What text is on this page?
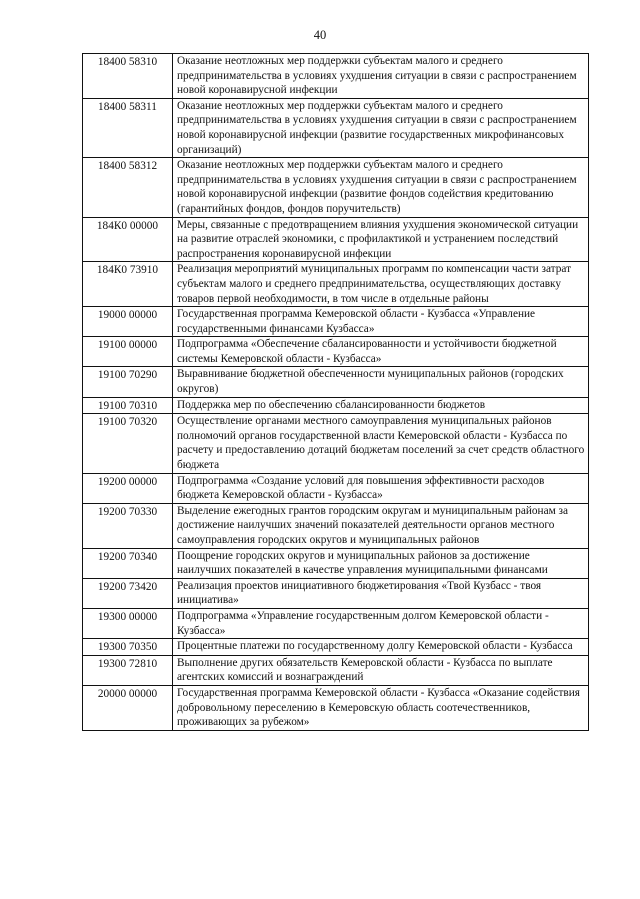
40
18400 58310	Оказание неотложных мер поддержки субъектам малого и среднего предпринимательства в условиях ухудшения ситуации в связи с распространением новой коронавирусной инфекции
18400 58311	Оказание неотложных мер поддержки субъектам малого и среднего предпринимательства в условиях ухудшения ситуации в связи с распространением новой коронавирусной инфекции (развитие государственных микрофинансовых организаций)
18400 58312	Оказание неотложных мер поддержки субъектам малого и среднего предпринимательства в условиях ухудшения ситуации в связи с распространением новой коронавирусной инфекции (развитие фондов содействия кредитованию (гарантийных фондов, фондов поручительств)
184К0 00000	Меры, связанные с предотвращением влияния ухудшения экономической ситуации на развитие отраслей экономики, с профилактикой и устранением последствий распространения коронавирусной инфекции
184К0 73910	Реализация мероприятий муниципальных программ по компенсации части затрат субъектам малого и среднего предпринимательства, осуществляющих доставку товаров первой необходимости, в том числе в отдельные районы
19000 00000	Государственная программа Кемеровской области - Кузбасса «Управление государственными финансами Кузбасса»
19100 00000	Подпрограмма «Обеспечение сбалансированности и устойчивости бюджетной системы Кемеровской области - Кузбасса»
19100 70290	Выравнивание бюджетной обеспеченности муниципальных районов (городских округов)
19100 70310	Поддержка мер по обеспечению сбалансированности бюджетов
19100 70320	Осуществление органами местного самоуправления муниципальных районов полномочий органов государственной власти Кемеровской области - Кузбасса по расчету и предоставлению дотаций бюджетам поселений за счет средств областного бюджета
19200 00000	Подпрограмма «Создание условий для повышения эффективности расходов бюджета Кемеровской области - Кузбасса»
19200 70330	Выделение ежегодных грантов городским округам и муниципальным районам за достижение наилучших значений показателей деятельности органов местного самоуправления городских округов и муниципальных районов
19200 70340	Поощрение городских округов и муниципальных районов за достижение наилучших показателей в качестве управления муниципальными финансами
19200 73420	Реализация проектов инициативного бюджетирования «Твой Кузбасс - твоя инициатива»
19300 00000	Подпрограмма «Управление государственным долгом Кемеровской области - Кузбасса»
19300 70350	Процентные платежи по государственному долгу Кемеровской области - Кузбасса
19300 72810	Выполнение других обязательств Кемеровской области - Кузбасса по выплате агентских комиссий и вознаграждений
20000 00000	Государственная программа Кемеровской области - Кузбасса «Оказание содействия добровольному переселению в Кемеровскую область соотечественников, проживающих за рубежом»
